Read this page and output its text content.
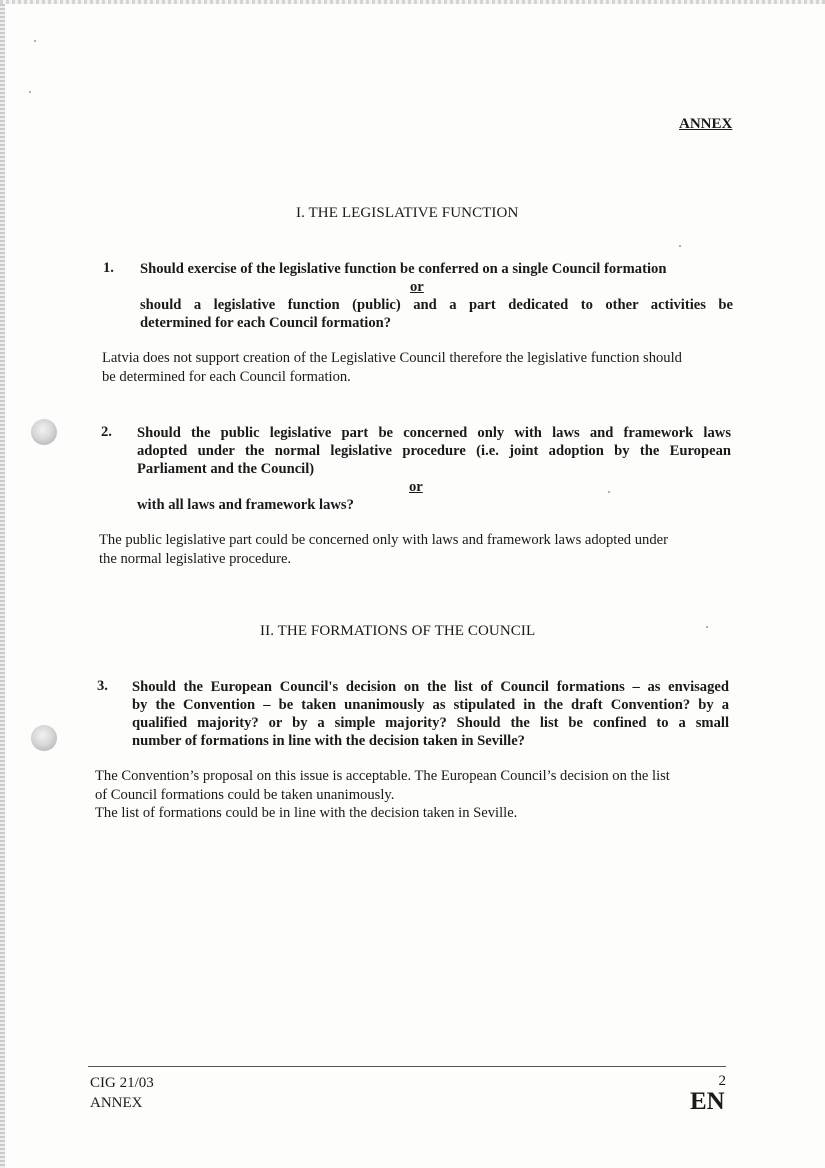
ANNEX
I. THE LEGISLATIVE FUNCTION
1. Should exercise of the legislative function be conferred on a single Council formation
or
should a legislative function (public) and a part dedicated to other activities be
determined for each Council formation?
Latvia does not support creation of the Legislative Council therefore the legislative function should
be determined for each Council formation.
2. Should the public legislative part be concerned only with laws and framework laws
adopted under the normal legislative procedure (i.e. joint adoption by the European
Parliament and the Council)
or
with all laws and framework laws?
The public legislative part could be concerned only with laws and framework laws adopted under
the normal legislative procedure.
II. THE FORMATIONS OF THE COUNCIL
3. Should the European Council's decision on the list of Council formations – as envisaged
by the Convention – be taken unanimously as stipulated in the draft Convention? by a
qualified majority? or by a simple majority? Should the list be confined to a small
number of formations in line with the decision taken in Seville?
The Convention’s proposal on this issue is acceptable. The European Council’s decision on the list
of Council formations could be taken unanimously.
The list of formations could be in line with the decision taken in Seville.
CIG 21/03
ANNEX
2
EN
